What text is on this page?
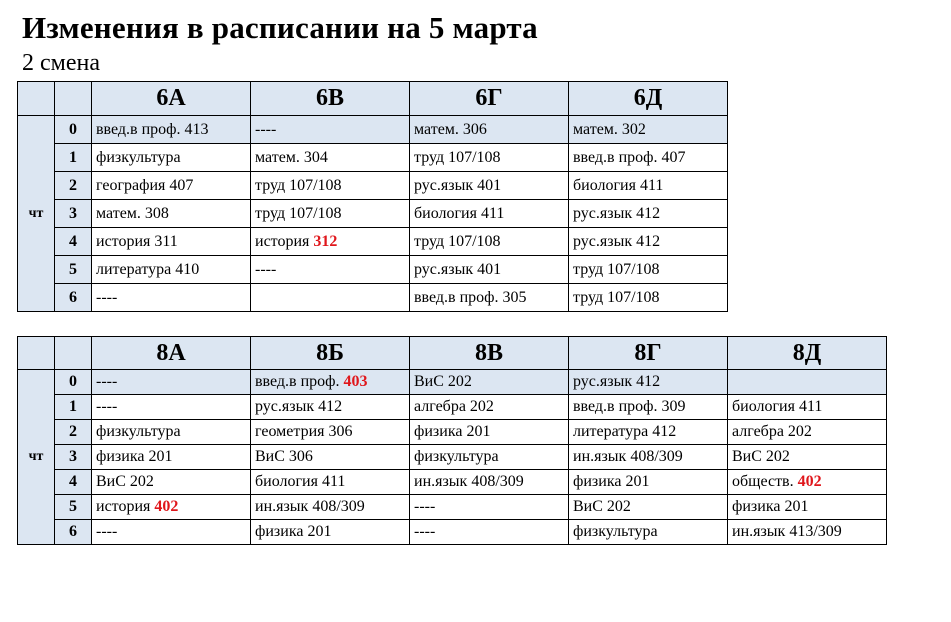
Изменения в расписании на 5 марта
2 смена
		6А	6В	6Г	6Д
чт	0	введ.в проф. 413	----	матем. 306	матем. 302
	1	физкультура	матем. 304	труд 107/108	введ.в проф. 407
	2	география 407	труд 107/108	рус.язык 401	биология 411
	3	матем. 308	труд 107/108	биология 411	рус.язык 412
	4	история 311	история 312	труд 107/108	рус.язык 412
	5	литература 410	----	рус.язык 401	труд 107/108
	6	----		введ.в проф. 305	труд 107/108
		8А	8Б	8В	8Г	8Д
чт	0	----	введ.в проф. 403	ВиС 202	рус.язык 412	
	1	----	рус.язык 412	алгебра 202	введ.в проф. 309	биология 411
	2	физкультура	геометрия 306	физика 201	литература 412	алгебра 202
	3	физика 201	ВиС 306	физкультура	ин.язык 408/309	ВиС 202
	4	ВиС 202	биология 411	ин.язык 408/309	физика 201	обществ. 402
	5	история 402	ин.язык 408/309	----	ВиС 202	физика 201
	6	----	физика 201	----	физкультура	ин.язык 413/309
